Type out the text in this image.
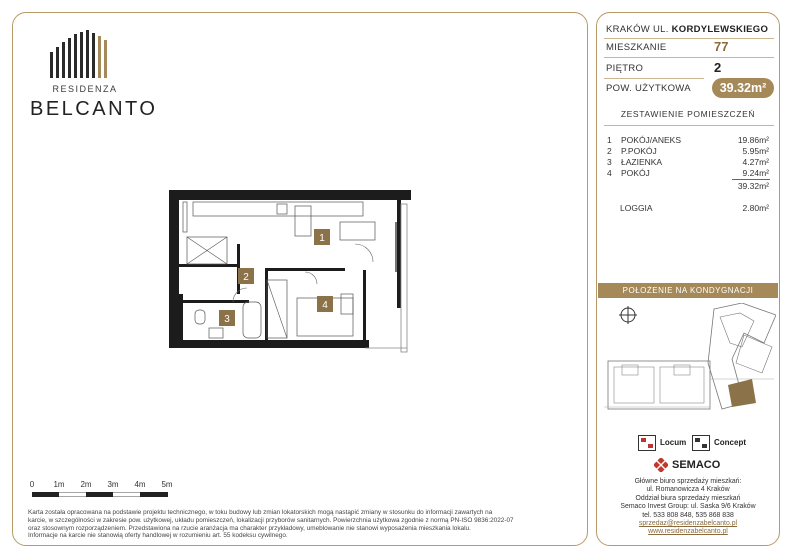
RESIDENZA
BELCANTO
1
2
3
4
0 1m 2m 3m 4m 5m
Karta została opracowana na podstawie projektu technicznego, w toku budowy lub zmian lokatorskich mogą nastąpić zmiany w stosunku do informacji zawartych na
karcie, w szczególności w zakresie pow. użytkowej, układu pomieszczeń, lokalizacji przyborów sanitarnych. Powierzchnia użytkowa zgodnie z normą PN-ISO 9836:2022-07
oraz stosownym rozporządzeniem. Przedstawiona na rzucie aranżacja ma charakter przykładowy, umeblowanie nie stanowi wyposażenia mieszkania lokalu.
Informacje na karcie nie stanowią oferty handlowej w rozumieniu art. 55 kodeksu cywilnego.
KRAKÓW UL. KORDYLEWSKIEGO
MIESZKANIE	77
PIĘTRO	2
POW. UŻYTKOWA	39.32m²
ZESTAWIENIE POMIESZCZEŃ
1 POKÓJ/ANEKS	19.86m²
2 P.POKÓJ	5.95m²
3 ŁAZIENKA	4.27m²
4 POKÓJ	9.24m²
39.32m²
LOGGIA	2.80m²
POŁOŻENIE NA KONDYGNACJI
Locum	Concept
SEMACO
Główne biuro sprzedaży mieszkań:
ul. Romanowicza 4 Kraków
Oddział biura sprzedaży mieszkań
Semaco Invest Group: ul. Saska 9/6 Kraków
tel. 533 808 848, 535 868 838
sprzedaz@residenzabelcanto.pl
www.residenzabelcanto.pl
